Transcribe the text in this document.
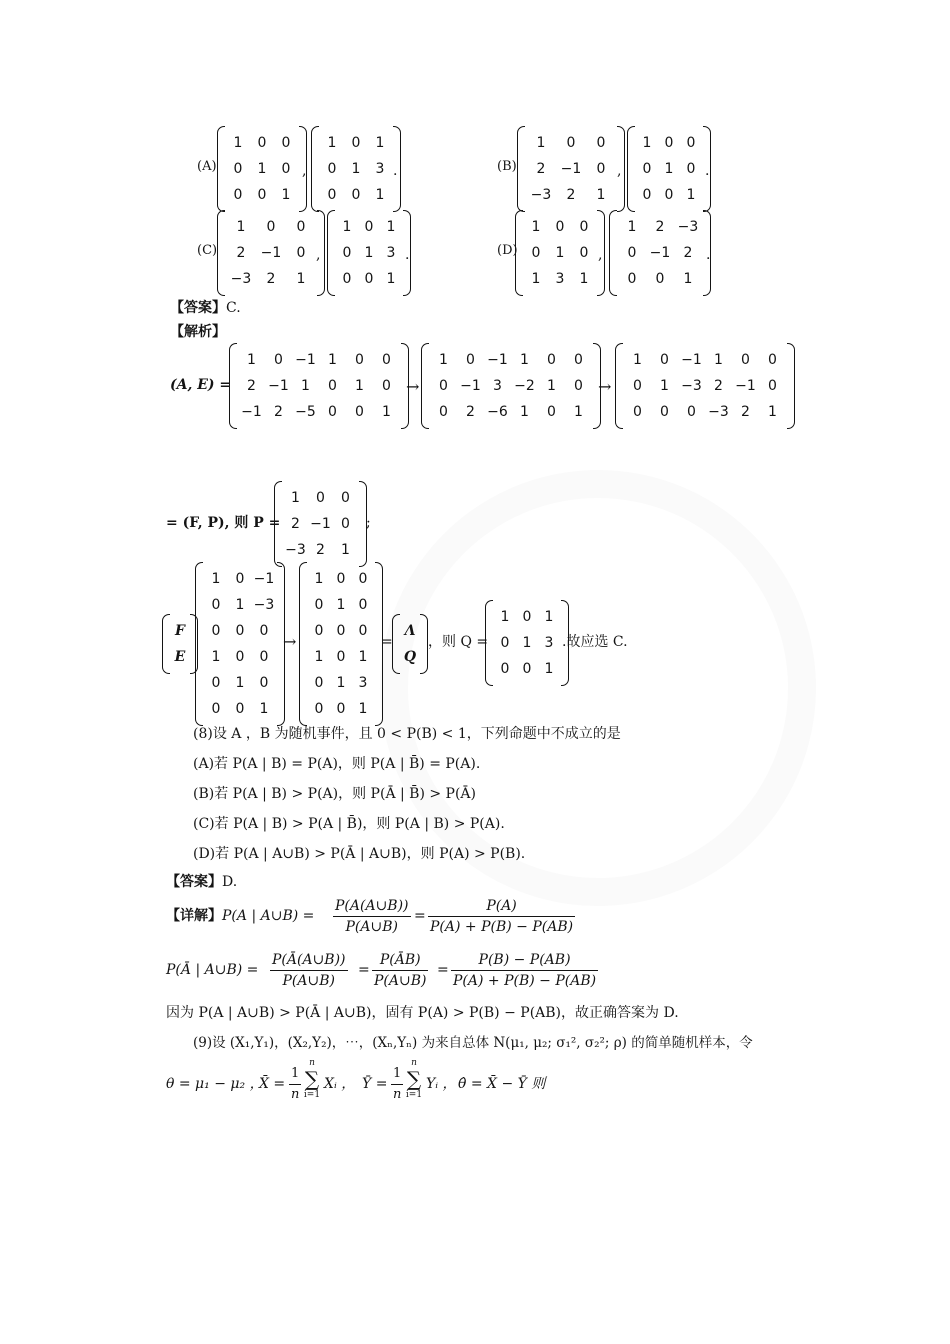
(A)
1 0 0
0 1 0
0 0 1
,
1 0 1
0 1 3
0 0 1
.	(B)
1 0 0
2 −1 0
−3 2 1
,
1 0 0
0 1 0
0 0 1
.
(C)
1 0 0
2 −1 0
−3 2 1
,
1 0 1
0 1 3
0 0 1
.	(D)
1 0 0
0 1 0
1 3 1
,
1 2 −3
0 −1 2
0 0 1
.
【答案】C.
【解析】
(A, E) =
1 0 −1 1 0 0
2 −1 1 0 1 0
−1 2 −5 0 0 1
→
1 0 −1 1 0 0
0 −1 3 −2 1 0
0 2 −6 1 0 1
→
1 0 −1 1 0 0
0 1 −3 2 −1 0
0 0 0 −3 2 1
= (F, P), 则 P =
1 0 0
2 −1 0
−3 2 1
;
F
E
1 0 −1
0 1 −3
0 0 0
1 0 0
0 1 0
0 0 1
→
1 0 0
0 1 0
0 0 0
1 0 1
0 1 3
0 0 1
=
Λ
Q
，则 Q =
1 0 1
0 1 3
0 0 1
.故应选 C.
(8)设 A ，B 为随机事件，且 0 < P(B) < 1，下列命题中不成立的是
(A)若 P(A | B) = P(A)，则 P(A | B̄) = P(A).
(B)若 P(A | B) > P(A)，则 P(Ā | B̄) > P(Ā)
(C)若 P(A | B) > P(A | B̄)，则 P(A | B) > P(A).
(D)若 P(A | A∪B) > P(Ā | A∪B)，则 P(A) > P(B).
【答案】D.
【详解】P(A | A∪B) = $\frac{P(A(A\cup B))}{P(A\cup B)} = \frac{P(A)}{P(A) + P(B) - P(AB)}$
P(Ā | A∪B) = $\frac{P(Ā(A\cup B))}{P(A\cup B)} = \frac{P(ĀB)}{P(A\cup B)} = \frac{P(B) - P(AB)}{P(A) + P(B) - P(AB)}$
因为 P(A | A∪B) > P(Ā | A∪B)，固有 P(A) > P(B) − P(AB)，故正确答案为 D.
(9)设 (X₁,Y₁)，(X₂,Y₂)，⋯，(Xₙ,Yₙ) 为来自总体 N(μ₁, μ₂; σ₁², σ₂²; ρ) 的简单随机样本，令
θ = μ₁ − μ₂ ，
X̄ = $\frac{1}{n}$
n
∑
i=1
Xᵢ ， Ȳ = $\frac{1}{n}$
n
∑
i=1
Yᵢ ， θ̂ = X̄ − Ȳ 则
